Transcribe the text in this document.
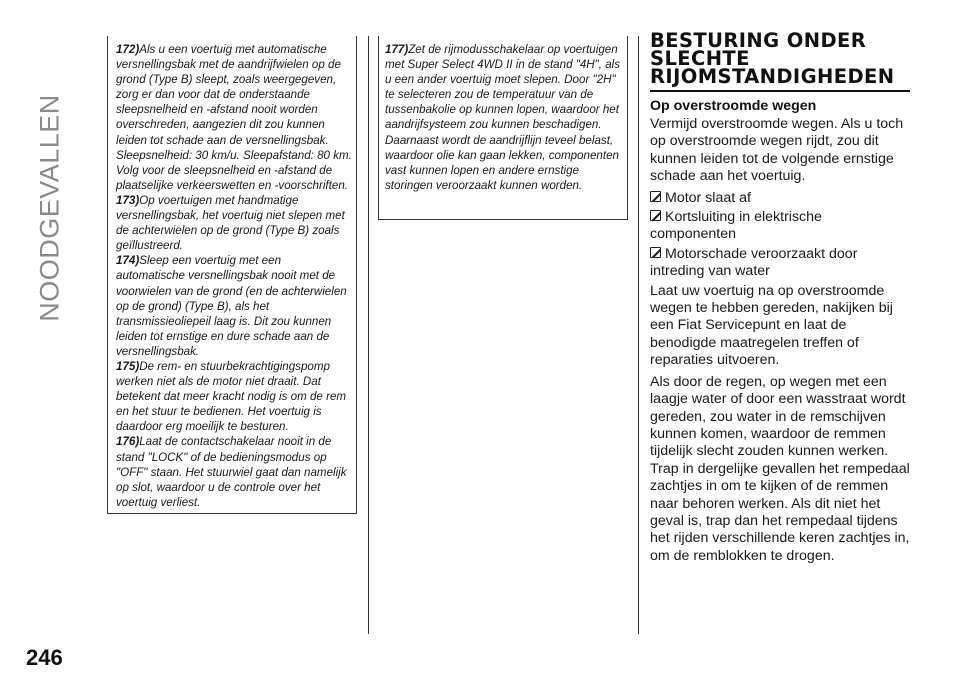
NOODGEVALLEN

172)Als u een voertuig met automatische versnellingsbak met de aandrijfwielen op de grond (Type B) sleept, zoals weergegeven, zorg er dan voor dat de onderstaande sleepsnelheid en -afstand nooit worden overschreden, aangezien dit zou kunnen leiden tot schade aan de versnellingsbak. Sleepsnelheid: 30 km/u. Sleepafstand: 80 km. Volg voor de sleepsnelheid en -afstand de plaatselijke verkeerswetten en -voorschriften.

173)Op voertuigen met handmatige versnellingsbak, het voertuig niet slepen met de achterwielen op de grond (Type B) zoals geïllustreerd.

174)Sleep een voertuig met een automatische versnellingsbak nooit met de voorwielen van de grond (en de achterwielen op de grond) (Type B), als het transmissieoliepeil laag is. Dit zou kunnen leiden tot ernstige en dure schade aan de versnellingsbak.

175)De rem- en stuurbekrachtigingspomp werken niet als de motor niet draait. Dat betekent dat meer kracht nodig is om de rem en het stuur te bedienen. Het voertuig is daardoor erg moeilijk te besturen.

176)Laat de contactschakelaar nooit in de stand "LOCK" of de bedieningsmodus op "OFF" staan. Het stuurwiel gaat dan namelijk op slot, waardoor u de controle over het voertuig verliest.

177)Zet de rijmodusschakelaar op voertuigen met Super Select 4WD II in de stand "4H", als u een ander voertuig moet slepen. Door "2H" te selecteren zou de temperatuur van de tussenbakolie op kunnen lopen, waardoor het aandrijfsysteem zou kunnen beschadigen. Daarnaast wordt de aandrijflijn teveel belast, waardoor olie kan gaan lekken, componenten vast kunnen lopen en andere ernstige storingen veroorzaakt kunnen worden.

BESTURING ONDER SLECHTE RIJOMSTANDIGHEDEN
Op overstroomde wegen

Vermijd overstroomde wegen. Als u toch op overstroomde wegen rijdt, zou dit kunnen leiden tot de volgende ernstige schade aan het voertuig.

Motor slaat af

Kortsluiting in elektrische componenten

Motorschade veroorzaakt door intreding van water

Laat uw voertuig na op overstroomde wegen te hebben gereden, nakijken bij een Fiat Servicepunt en laat de benodigde maatregelen treffen of reparaties uitvoeren.

Als door de regen, op wegen met een laagje water of door een wasstraat wordt gereden, zou water in de remschijven kunnen komen, waardoor de remmen tijdelijk slecht zouden kunnen werken. Trap in dergelijke gevallen het rempedaal zachtjes in om te kijken of de remmen naar behoren werken. Als dit niet het geval is, trap dan het rempedaal tijdens het rijden verschillende keren zachtjes in, om de remblokken te drogen.

246
